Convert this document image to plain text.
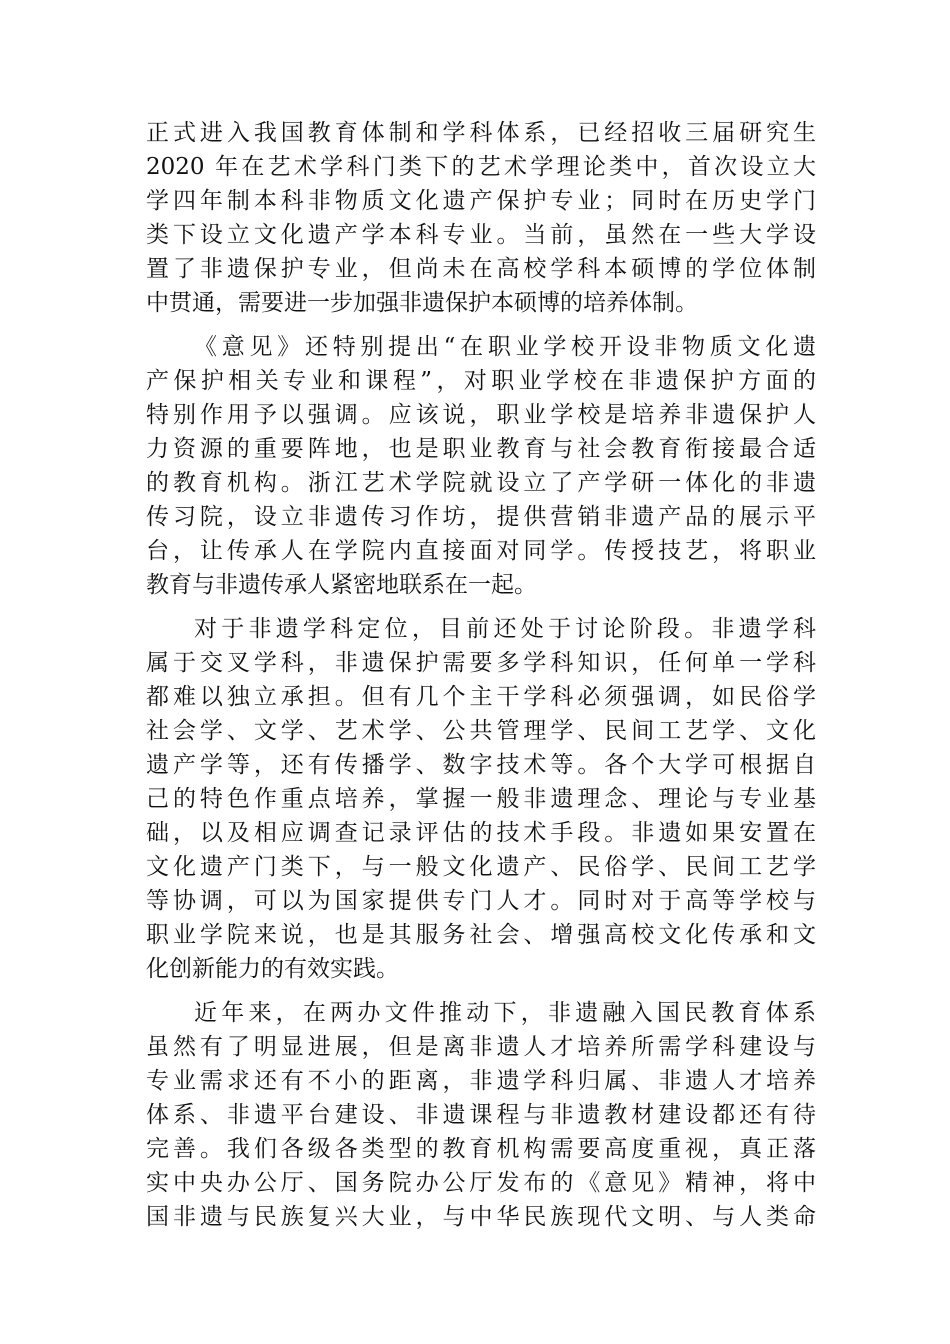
正式进入我国教育体制和学科体系，已经招收三届研究生

2020 年在艺术学科门类下的艺术学理论类中，首次设立大

学四年制本科非物质文化遗产保护专业；同时在历史学门

类下设立文化遗产学本科专业。当前，虽然在一些大学设

置了非遗保护专业，但尚未在高校学科本硕博的学位体制

中贯通，需要进一步加强非遗保护本硕博的培养体制。

《意见》还特别提出“在职业学校开设非物质文化遗

产保护相关专业和课程”，对职业学校在非遗保护方面的

特别作用予以强调。应该说，职业学校是培养非遗保护人

力资源的重要阵地，也是职业教育与社会教育衔接最合适

的教育机构。浙江艺术学院就设立了产学研一体化的非遗

传习院，设立非遗传习作坊，提供营销非遗产品的展示平

台，让传承人在学院内直接面对同学。传授技艺，将职业

教育与非遗传承人紧密地联系在一起。

对于非遗学科定位，目前还处于讨论阶段。非遗学科

属于交叉学科，非遗保护需要多学科知识，任何单一学科

都难以独立承担。但有几个主干学科必须强调，如民俗学

社会学、文学、艺术学、公共管理学、民间工艺学、文化

遗产学等，还有传播学、数字技术等。各个大学可根据自

己的特色作重点培养，掌握一般非遗理念、理论与专业基

础，以及相应调查记录评估的技术手段。非遗如果安置在

文化遗产门类下，与一般文化遗产、民俗学、民间工艺学

等协调，可以为国家提供专门人才。同时对于高等学校与

职业学院来说，也是其服务社会、增强高校文化传承和文

化创新能力的有效实践。

近年来，在两办文件推动下，非遗融入国民教育体系

虽然有了明显进展，但是离非遗人才培养所需学科建设与

专业需求还有不小的距离，非遗学科归属、非遗人才培养

体系、非遗平台建设、非遗课程与非遗教材建设都还有待

完善。我们各级各类型的教育机构需要高度重视，真正落

实中央办公厅、国务院办公厅发布的《意见》精神，将中

国非遗与民族复兴大业，与中华民族现代文明、与人类命
